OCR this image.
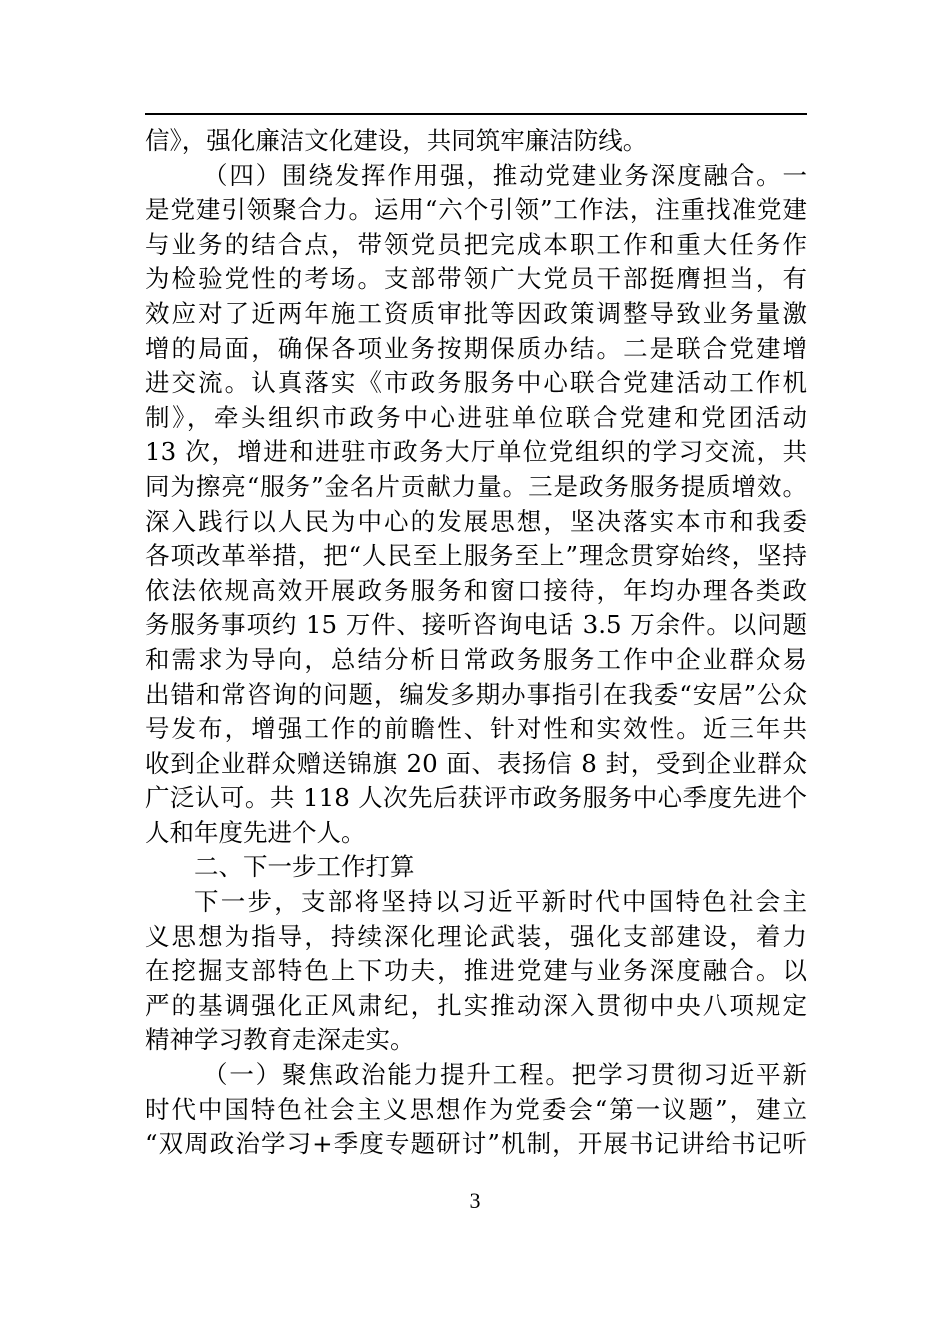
信》，强化廉洁文化建设，共同筑牢廉洁防线。
（四）围绕发挥作用强，推动党建业务深度融合。一
是党建引领聚合力。运用“六个引领”工作法，注重找准党建
与业务的结合点，带领党员把完成本职工作和重大任务作
为检验党性的考场。支部带领广大党员干部挺膺担当，有
效应对了近两年施工资质审批等因政策调整导致业务量激
增的局面，确保各项业务按期保质办结。二是联合党建增
进交流。认真落实《市政务服务中心联合党建活动工作机
制》，牵头组织市政务中心进驻单位联合党建和党团活动
13 次，增进和进驻市政务大厅单位党组织的学习交流，共
同为擦亮“服务”金名片贡献力量。三是政务服务提质增效。
深入践行以人民为中心的发展思想，坚决落实本市和我委
各项改革举措，把“人民至上服务至上”理念贯穿始终，坚持
依法依规高效开展政务服务和窗口接待，年均办理各类政
务服务事项约 15 万件、接听咨询电话 3.5 万余件。以问题
和需求为导向，总结分析日常政务服务工作中企业群众易
出错和常咨询的问题，编发多期办事指引在我委“安居”公众
号发布，增强工作的前瞻性、针对性和实效性。近三年共
收到企业群众赠送锦旗 20 面、表扬信 8 封，受到企业群众
广泛认可。共 118 人次先后获评市政务服务中心季度先进个
人和年度先进个人。
二、下一步工作打算
下一步，支部将坚持以习近平新时代中国特色社会主
义思想为指导，持续深化理论武装，强化支部建设，着力
在挖掘支部特色上下功夫，推进党建与业务深度融合。以
严的基调强化正风肃纪，扎实推动深入贯彻中央八项规定
精神学习教育走深走实。
（一）聚焦政治能力提升工程。把学习贯彻习近平新
时代中国特色社会主义思想作为党委会“第一议题”，建立
“双周政治学习+季度专题研讨”机制，开展书记讲给书记听
3
